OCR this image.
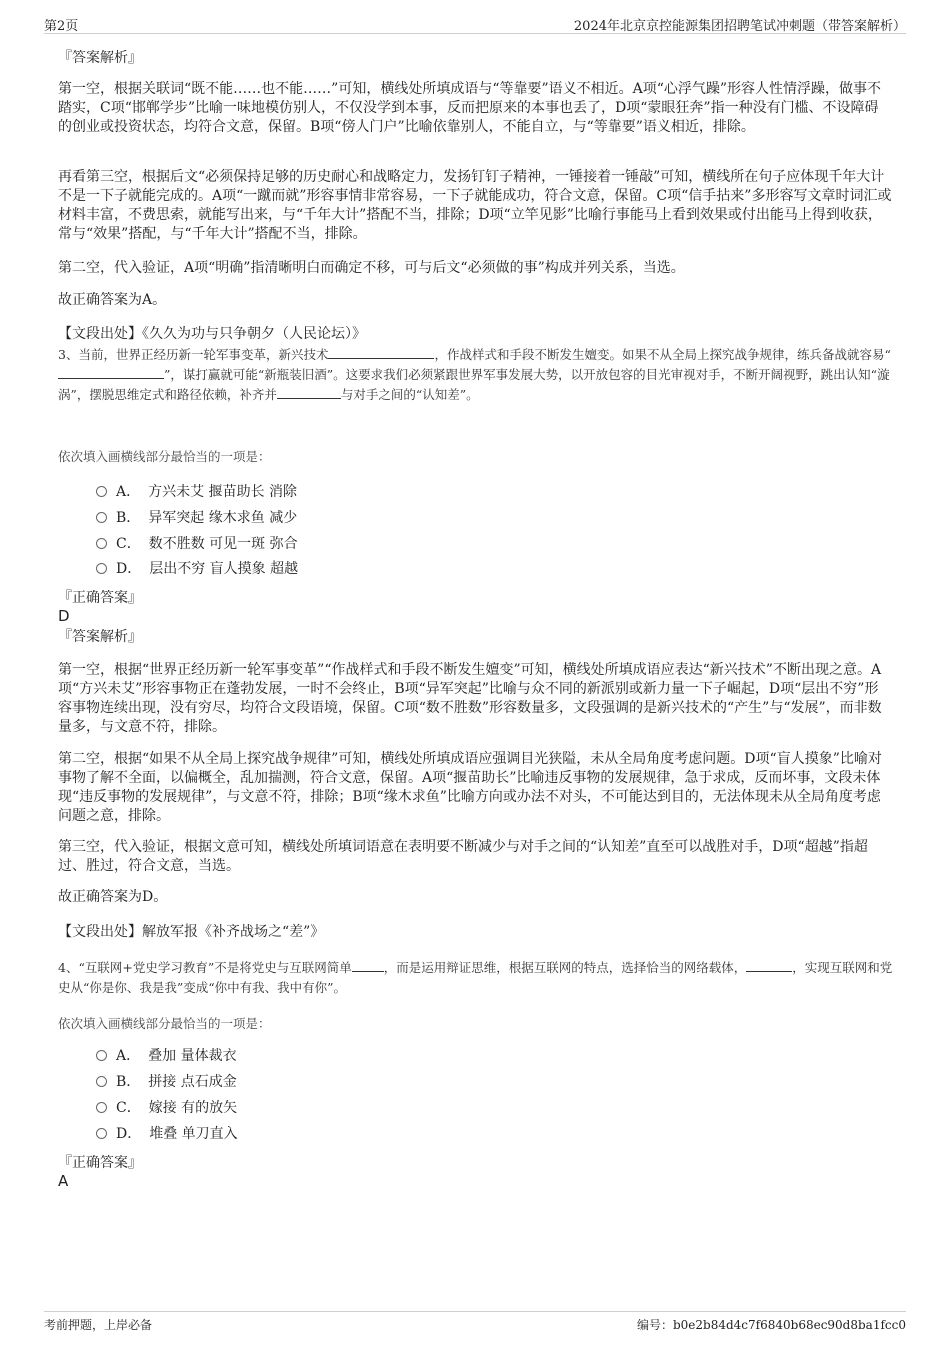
第2页	2024年北京京控能源集团招聘笔试冲刺题（带答案解析）
『答案解析』

第一空，根据关联词“既不能……也不能……”可知，横线处所填成语与“等靠要”语义不相近。A项“心浮气躁”形容人性情浮躁，做事不踏实，C项“邯郸学步”比喻一味地模仿别人，不仅没学到本事，反而把原来的本事也丢了，D项“蒙眼狂奔”指一种没有门槛、不设障碍的创业或投资状态，均符合文意，保留。B项“傍人门户”比喻依靠别人，不能自立，与“等靠要”语义相近，排除。

再看第三空，根据后文“必须保持足够的历史耐心和战略定力，发扬钉钉子精神，一锤接着一锤敲”可知，横线所在句子应体现千年大计不是一下子就能完成的。A项“一蹴而就”形容事情非常容易，一下子就能成功，符合文意，保留。C项“信手拈来”多形容写文章时词汇或材料丰富，不费思索，就能写出来，与“千年大计”搭配不当，排除；D项“立竿见影”比喻行事能马上看到效果或付出能马上得到收获，常与“效果”搭配，与“千年大计”搭配不当，排除。

第二空，代入验证，A项“明确”指清晰明白而确定不移，可与后文“必须做的事”构成并列关系，当选。

故正确答案为A。

【文段出处】《久久为功与只争朝夕（人民论坛）》

3、当前，世界正经历新一轮军事变革，新兴技术	，作战样式和手段不断发生嬗变。如果不从全局上探究战争规律，练兵备战就容易“”，谋打赢就可能“新瓶装旧酒”。这要求我们必须紧跟世界军事发展大势，以开放包容的目光审视对手，不断开阔视野，跳出认知“漩涡”，摆脱思维定式和路径依赖，补齐并	与对手之间的“认知差”。

依次填入画横线部分最恰当的一项是：

A． 方兴未艾 揠苗助长 消除
B． 异军突起 缘木求鱼 减少
C． 数不胜数 可见一斑 弥合
D． 层出不穷 盲人摸象 超越
『正确答案』
D
『答案解析』

第一空，根据“世界正经历新一轮军事变革”“作战样式和手段不断发生嬗变”可知，横线处所填成语应表达“新兴技术”不断出现之意。A项“方兴未艾”形容事物正在蓬勃发展，一时不会终止，B项“异军突起”比喻与众不同的新派别或新力量一下子崛起，D项“层出不穷”形容事物连续出现，没有穷尽，均符合文段语境，保留。C项“数不胜数”形容数量多，文段强调的是新兴技术的“产生”与“发展”，而非数量多，与文意不符，排除。

第二空，根据“如果不从全局上探究战争规律”可知，横线处所填成语应强调目光狭隘，未从全局角度考虑问题。D项“盲人摸象”比喻对事物了解不全面，以偏概全，乱加揣测，符合文意，保留。A项“揠苗助长”比喻违反事物的发展规律，急于求成，反而坏事，文段未体现“违反事物的发展规律”，与文意不符，排除；B项“缘木求鱼”比喻方向或办法不对头，不可能达到目的，无法体现未从全局角度考虑问题之意，排除。

第三空，代入验证，根据文意可知，横线处所填词语意在表明要不断减少与对手之间的“认知差”直至可以战胜对手，D项“超越”指超过、胜过，符合文意，当选。

故正确答案为D。

【文段出处】解放军报《补齐战场之“差”》

4、“互联网+党史学习教育”不是将党史与互联网简单	，而是运用辩证思维，根据互联网的特点，选择恰当的网络载体，	，实现互联网和党史从“你是你、我是我”变成“你中有我、我中有你”。

依次填入画横线部分最恰当的一项是：

A． 叠加 量体裁衣
B． 拼接 点石成金
C． 嫁接 有的放矢
D． 堆叠 单刀直入
『正确答案』
A
考前押题，上岸必备	编号：b0e2b84d4c7f6840b68ec90d8ba1fcc0
